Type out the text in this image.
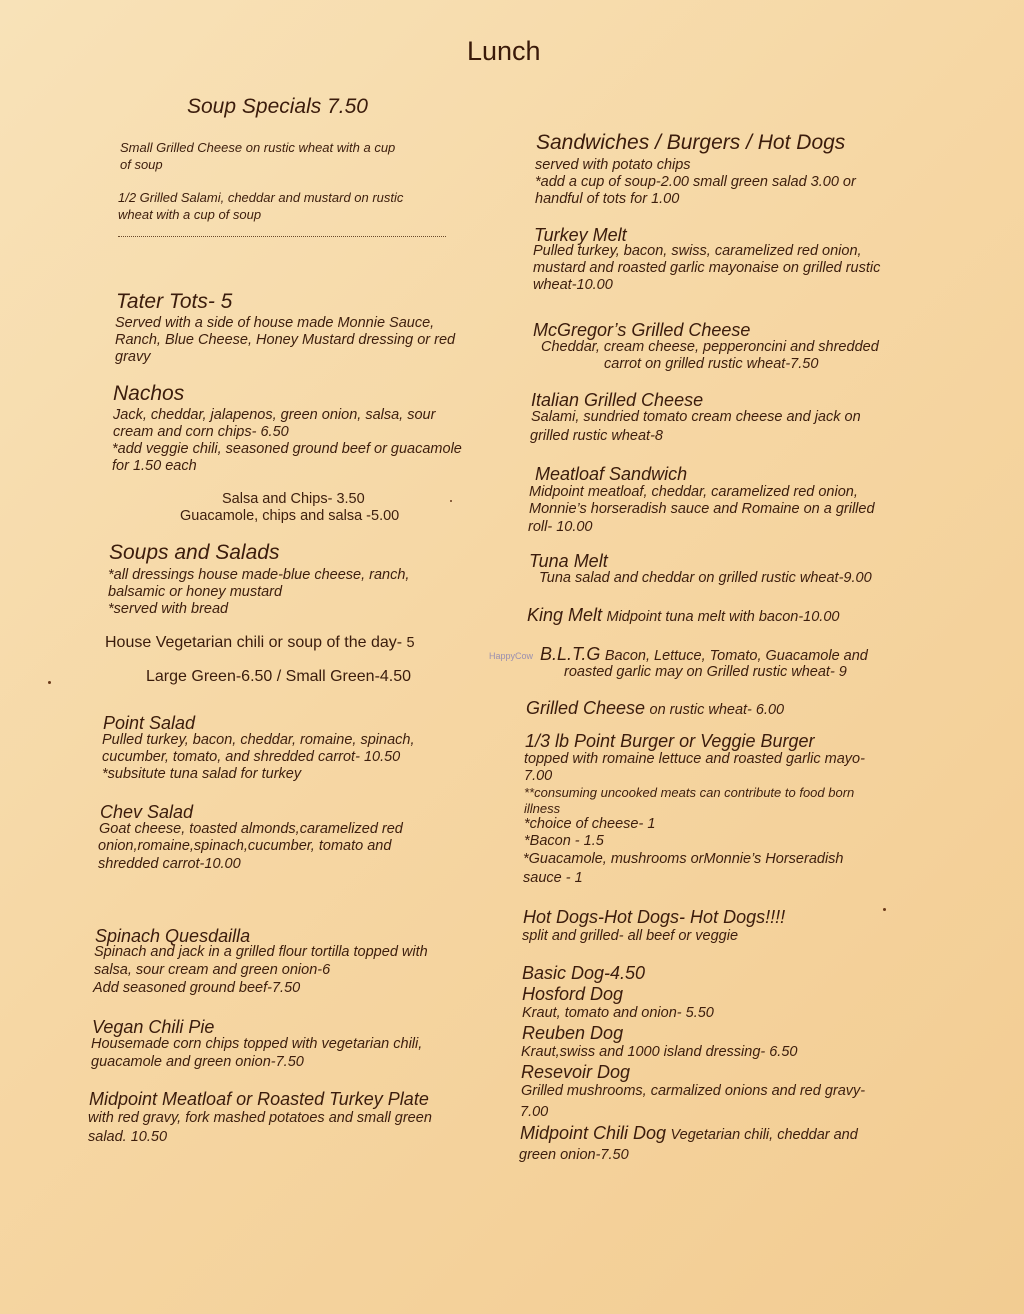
Lunch
Soup Specials 7.50
Small Grilled Cheese on rustic wheat with a cup
of soup
1/2 Grilled Salami, cheddar and mustard on rustic
wheat with a cup of soup
Tater Tots- 5
Served with a side of house made Monnie Sauce,
Ranch, Blue Cheese, Honey Mustard dressing or red
gravy
Nachos
Jack, cheddar, jalapenos, green onion, salsa, sour
cream and corn chips- 6.50
*add veggie chili, seasoned ground beef or guacamole
for 1.50 each
Salsa and Chips- 3.50
Guacamole, chips and salsa -5.00
Soups and Salads
*all dressings house made-blue cheese, ranch,
balsamic or honey mustard
*served with bread
House Vegetarian chili or soup of the day- 5
Large Green-6.50 / Small Green-4.50
Point Salad
Pulled turkey, bacon, cheddar, romaine, spinach,
cucumber, tomato, and shredded carrot- 10.50
*subsitute tuna salad for turkey
Chev Salad
Goat cheese, toasted almonds,caramelized red
onion,romaine,spinach,cucumber, tomato and
shredded carrot-10.00
Spinach Quesdailla
Spinach and jack in a grilled flour tortilla topped with
salsa, sour cream and green onion-6
Add seasoned ground beef-7.50
Vegan Chili Pie
Housemade corn chips topped with vegetarian chili,
guacamole and green onion-7.50
Midpoint Meatloaf or Roasted Turkey Plate
with red gravy, fork mashed potatoes and small green
salad. 10.50
Sandwiches / Burgers / Hot Dogs
served with potato chips
*add a cup of soup-2.00 small green salad 3.00 or
handful of tots for 1.00
Turkey Melt
Pulled turkey, bacon, swiss, caramelized red onion,
mustard and roasted garlic mayonaise on grilled rustic
wheat-10.00
McGregor’s Grilled Cheese
Cheddar, cream cheese, pepperoncini and shredded
carrot on grilled rustic wheat-7.50
Italian Grilled Cheese
Salami, sundried tomato cream cheese and jack on
grilled rustic wheat-8
Meatloaf Sandwich
Midpoint meatloaf, cheddar, caramelized red onion,
Monnie’s horseradish sauce and Romaine on a grilled
roll- 10.00
Tuna Melt
Tuna salad and cheddar on grilled rustic wheat-9.00
King Melt Midpoint tuna melt with bacon-10.00
HappyCow B.L.T.G Bacon, Lettuce, Tomato, Guacamole and
roasted garlic may on Grilled rustic wheat- 9
Grilled Cheese on rustic wheat- 6.00
1/3 lb Point Burger or Veggie Burger
topped with romaine lettuce and roasted garlic mayo-
7.00
**consuming uncooked meats can contribute to food born
illness
*choice of cheese- 1
*Bacon - 1.5
*Guacamole, mushrooms orMonnie’s Horseradish
sauce - 1
Hot Dogs-Hot Dogs- Hot Dogs!!!!
split and grilled- all beef or veggie
Basic Dog-4.50
Hosford Dog
Kraut, tomato and onion- 5.50
Reuben Dog
Kraut,swiss and 1000 island dressing- 6.50
Resevoir Dog
Grilled mushrooms, carmalized onions and red gravy-
7.00
Midpoint Chili Dog Vegetarian chili, cheddar and
green onion-7.50
